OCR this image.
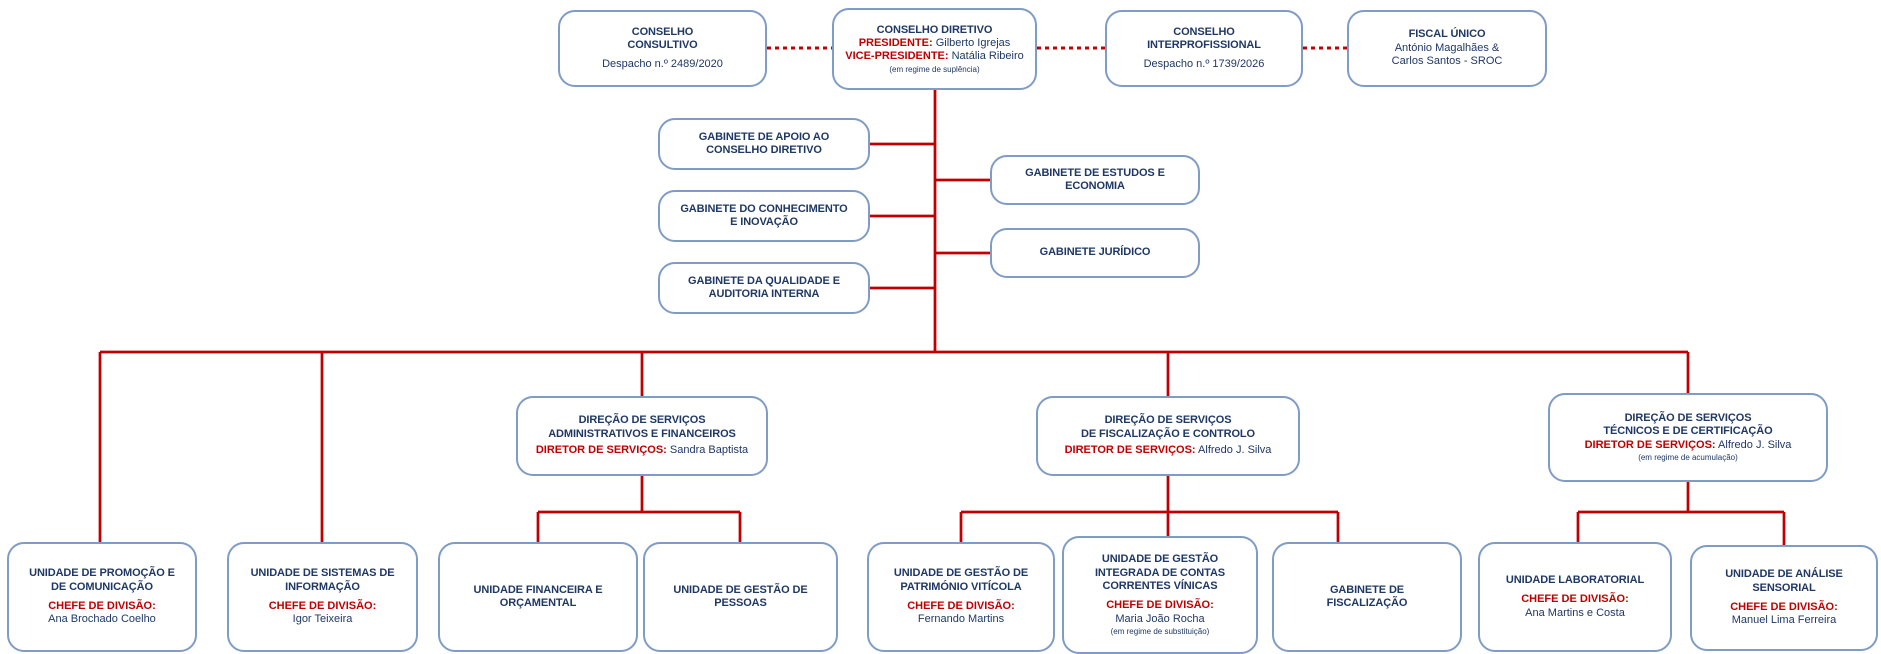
CONSELHO
CONSULTIVO
Despacho n.º 2489/2020
CONSELHO DIRETIVO
PRESIDENTE: Gilberto Igrejas
VICE-PRESIDENTE: Natália Ribeiro
(em regime de suplência)
CONSELHO
INTERPROFISSIONAL
Despacho n.º 1739/2026
FISCAL ÚNICO
António Magalhães &
Carlos Santos - SROC
GABINETE DE APOIO AO
CONSELHO DIRETIVO
GABINETE DO CONHECIMENTO
E INOVAÇÃO
GABINETE DA QUALIDADE E
AUDITORIA INTERNA
GABINETE DE ESTUDOS E
ECONOMIA
GABINETE JURÍDICO
DIREÇÃO DE SERVIÇOS
ADMINISTRATIVOS E FINANCEIROS
DIRETOR DE SERVIÇOS: Sandra Baptista
DIREÇÃO DE SERVIÇOS
DE FISCALIZAÇÃO E CONTROLO
DIRETOR DE SERVIÇOS: Alfredo J. Silva
DIREÇÃO DE SERVIÇOS
TÉCNICOS E DE CERTIFICAÇÃO
DIRETOR DE SERVIÇOS: Alfredo J. Silva
(em regime de acumulação)
UNIDADE DE PROMOÇÃO E
DE COMUNICAÇÃO
CHEFE DE DIVISÃO:
Ana Brochado Coelho
UNIDADE DE SISTEMAS DE
INFORMAÇÃO
CHEFE DE DIVISÃO:
Igor Teixeira
UNIDADE FINANCEIRA E
ORÇAMENTAL
UNIDADE DE GESTÃO DE
PESSOAS
UNIDADE DE GESTÃO DE
PATRIMÓNIO VITÍCOLA
CHEFE DE DIVISÃO:
Fernando Martins
UNIDADE DE GESTÃO
INTEGRADA DE CONTAS
CORRENTES VÍNICAS
CHEFE DE DIVISÃO:
Maria João Rocha
(em regime de substituição)
GABINETE DE
FISCALIZAÇÃO
UNIDADE LABORATORIAL
CHEFE DE DIVISÃO:
Ana Martins e Costa
UNIDADE DE ANÁLISE
SENSORIAL
CHEFE DE DIVISÃO:
Manuel Lima Ferreira
